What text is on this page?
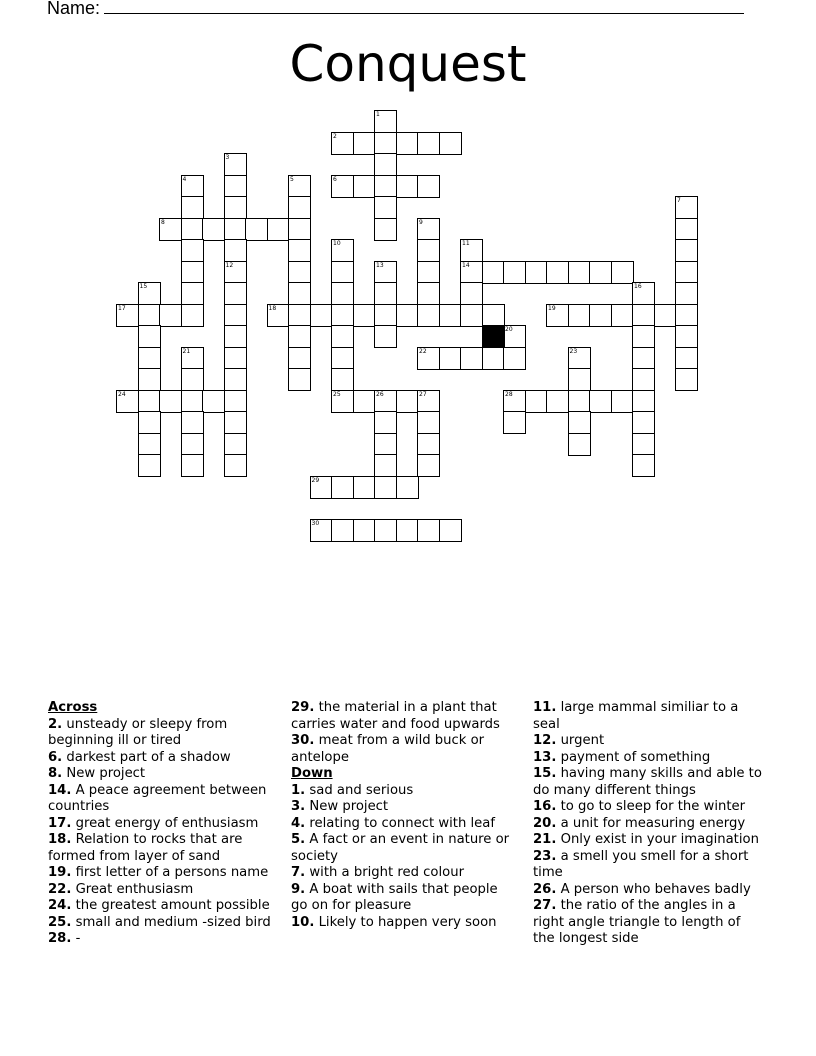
Name:
Conquest
1
2
3
4	5	6
7
8	9
10	11
12	13	14
15	16
17	18	19
20
21	22	23
24	25	26	27	28
29
30
Across
2. unsteady or sleepy from beginning ill or tired
6. darkest part of a shadow
8. New project
14. A peace agreement between countries
17. great energy of enthusiasm
18. Relation to rocks that are formed from layer of sand
19. first letter of a persons name
22. Great enthusiasm
24. the greatest amount possible
25. small and medium -sized bird
28. -
29. the material in a plant that carries water and food upwards
30. meat from a wild buck or antelope
Down
1. sad and serious
3. New project
4. relating to connect with leaf
5. A fact or an event in nature or society
7. with a bright red colour
9. A boat with sails that people go on for pleasure
10. Likely to happen very soon
11. large mammal similiar to a seal
12. urgent
13. payment of something
15. having many skills and able to do many different things
16. to go to sleep for the winter
20. a unit for measuring energy
21. Only exist in your imagination
23. a smell you smell for a short time
26. A person who behaves badly
27. the ratio of the angles in a right angle triangle to length of the longest side
